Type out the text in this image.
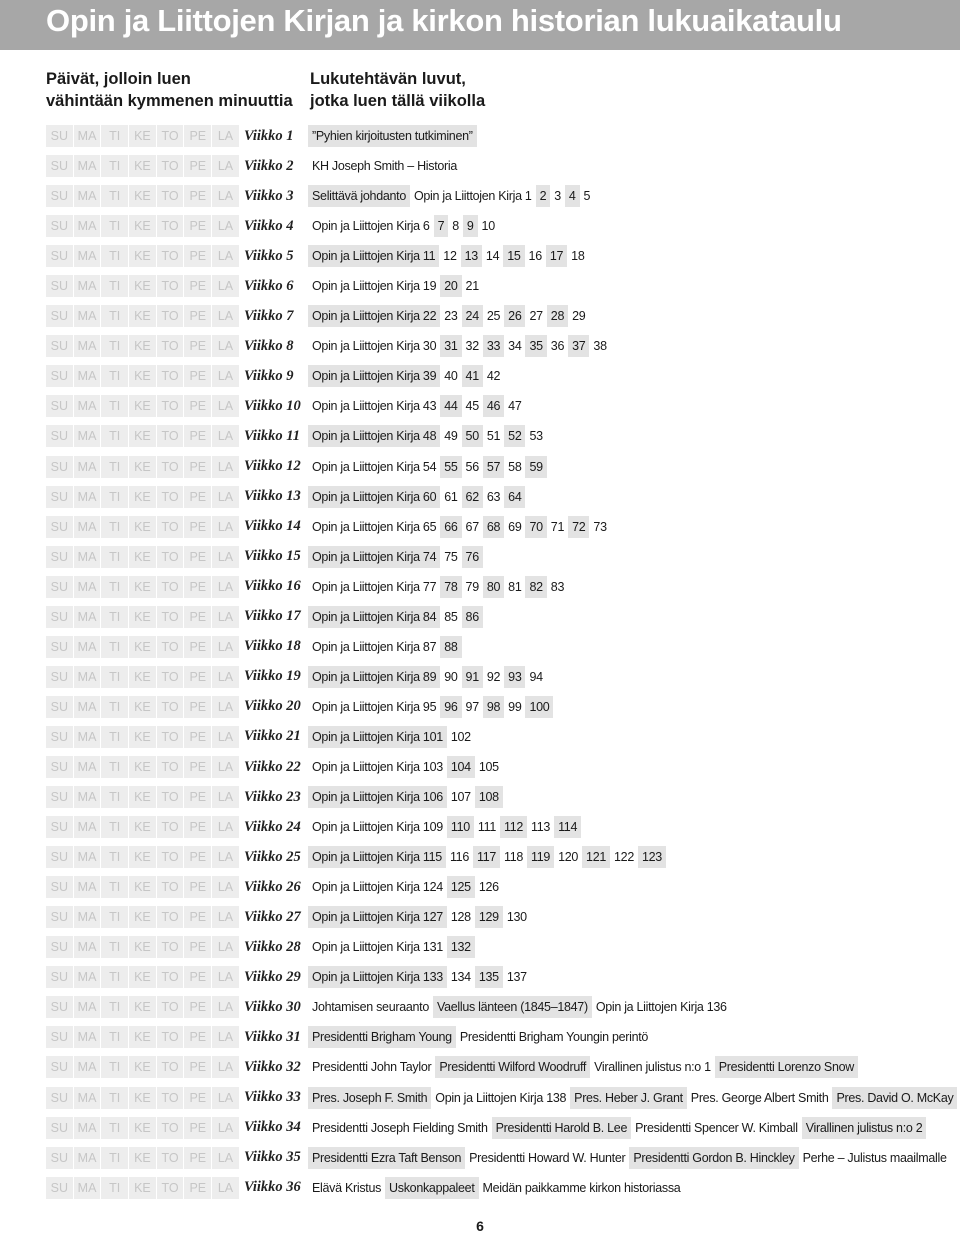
Opin ja Liittojen Kirjan ja kirkon historian lukuaikataulu
Päivät, jolloin luen
vähintään kymmenen minuuttia
Lukutehtävän luvut,
jotka luen tällä viikolla
SU MA	TI	KE TO PE LA Viikko 1	”Pyhien kirjoitusten tutkiminen”
SU MA	TI	KE TO PE LA Viikko 2	KH Joseph Smith – Historia
SU MA	TI	KE TO PE LA Viikko 3	Selittävä johdanto Opin ja Liittojen Kirja 1 2 3 4 5
SU MA	TI	KE TO PE LA Viikko 4	Opin ja Liittojen Kirja 6 7 8 9 10
SU MA	TI	KE TO PE LA Viikko 5	Opin ja Liittojen Kirja 11 12 13 14 15 16 17 18
SU MA	TI	KE TO PE LA Viikko 6	Opin ja Liittojen Kirja 19 20 21
SU MA	TI	KE TO PE LA Viikko 7	Opin ja Liittojen Kirja 22 23 24 25 26 27 28 29
SU MA	TI	KE TO PE LA Viikko 8	Opin ja Liittojen Kirja 30 31 32 33 34 35 36 37 38
SU MA	TI	KE TO PE LA Viikko 9	Opin ja Liittojen Kirja 39 40 41 42
SU MA	TI	KE TO PE LA Viikko 10 Opin ja Liittojen Kirja 43 44 45 46 47
SU MA	TI	KE TO PE LA Viikko 11 Opin ja Liittojen Kirja 48 49 50 51 52 53
SU MA	TI	KE TO PE LA Viikko 12 Opin ja Liittojen Kirja 54 55 56 57 58 59
SU MA	TI	KE TO PE LA Viikko 13 Opin ja Liittojen Kirja 60 61 62 63 64
SU MA	TI	KE TO PE LA Viikko 14 Opin ja Liittojen Kirja 65 66 67 68 69 70 71 72 73
SU MA	TI	KE TO PE LA Viikko 15 Opin ja Liittojen Kirja 74 75 76
SU MA	TI	KE TO PE LA Viikko 16 Opin ja Liittojen Kirja 77 78 79 80 81 82 83
SU MA	TI	KE TO PE LA Viikko 17 Opin ja Liittojen Kirja 84 85 86
SU MA	TI	KE TO PE LA Viikko 18 Opin ja Liittojen Kirja 87 88
SU MA	TI	KE TO PE LA Viikko 19 Opin ja Liittojen Kirja 89 90 91 92 93 94
SU MA	TI	KE TO PE LA Viikko 20 Opin ja Liittojen Kirja 95 96 97 98 99 100
SU MA	TI	KE TO PE LA Viikko 21 Opin ja Liittojen Kirja 101 102
SU MA	TI	KE TO PE LA Viikko 22 Opin ja Liittojen Kirja 103 104 105
SU MA	TI	KE TO PE LA Viikko 23 Opin ja Liittojen Kirja 106 107 108
SU MA	TI	KE TO PE LA Viikko 24 Opin ja Liittojen Kirja 109 110 111 112 113 114
SU MA	TI	KE TO PE LA Viikko 25 Opin ja Liittojen Kirja 115 116 117 118 119 120 121 122 123
SU MA	TI	KE TO PE LA Viikko 26 Opin ja Liittojen Kirja 124 125 126
SU MA	TI	KE TO PE LA Viikko 27 Opin ja Liittojen Kirja 127 128 129 130
SU MA	TI	KE TO PE LA Viikko 28 Opin ja Liittojen Kirja 131 132
SU MA	TI	KE TO PE LA Viikko 29 Opin ja Liittojen Kirja 133 134 135 137
SU MA	TI	KE TO PE LA Viikko 30 Johtamisen seuraanto Vaellus länteen (1845–1847) Opin ja Liittojen Kirja 136
SU MA	TI	KE TO PE LA Viikko 31 Presidentti Brigham Young Presidentti Brigham Youngin perintö
SU MA	TI	KE TO PE LA Viikko 32 Presidentti John Taylor Presidentti Wilford Woodruff Virallinen julistus n:o 1 Presidentti Lorenzo Snow
SU MA	TI	KE TO PE LA Viikko 33 Pres. Joseph F. Smith Opin ja Liittojen Kirja 138 Pres. Heber J. Grant Pres. George Albert Smith Pres. David O. McKay
SU MA	TI	KE TO PE LA Viikko 34 Presidentti Joseph Fielding Smith Presidentti Harold B. Lee Presidentti Spencer W. Kimball Virallinen julistus n:o 2
SU MA	TI	KE TO PE LA Viikko 35 Presidentti Ezra Taft Benson Presidentti Howard W. Hunter Presidentti Gordon B. Hinckley Perhe – Julistus maailmalle
SU MA	TI	KE TO PE LA Viikko 36 Elävä Kristus Uskonkappaleet Meidän paikkamme kirkon historiassa
6
